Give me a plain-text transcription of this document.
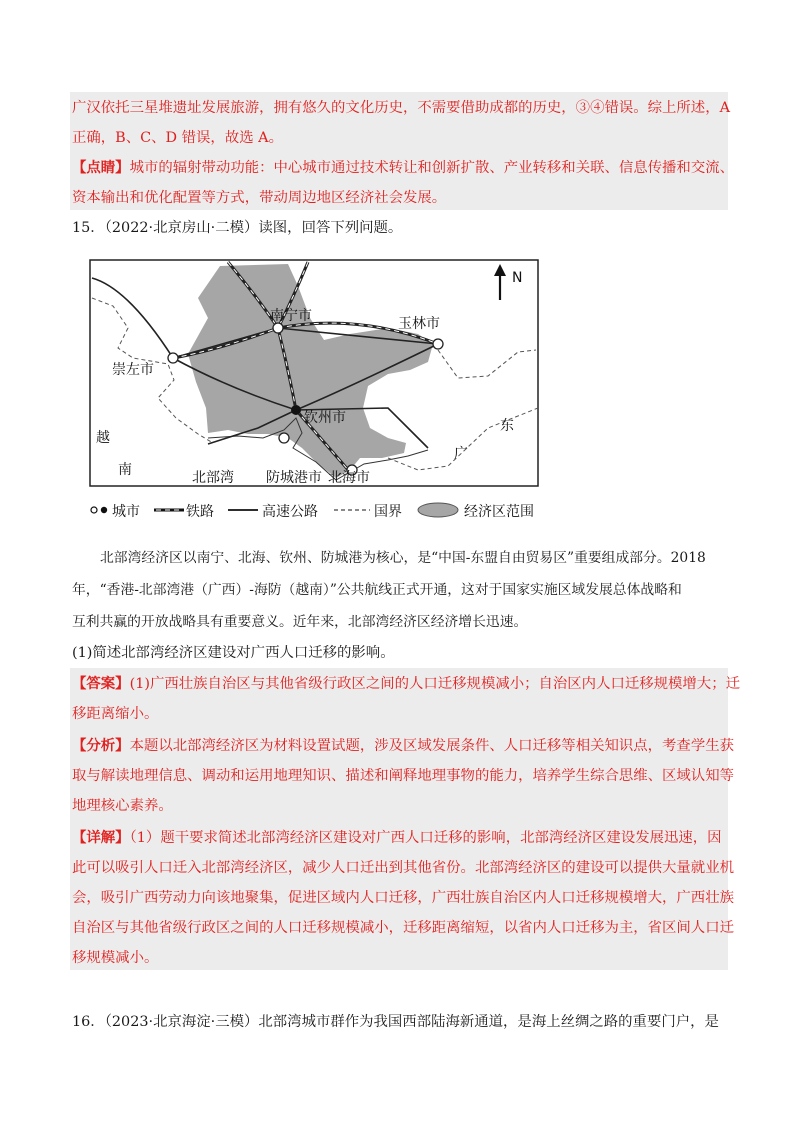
广汉依托三星堆遗址发展旅游，拥有悠久的文化历史，不需要借助成都的历史，③④错误。综上所述，A
正确，B、C、D 错误，故选 A。
【点睛】城市的辐射带动功能：中心城市通过技术转让和创新扩散、产业转移和关联、信息传播和交流、
资本输出和优化配置等方式，带动周边地区经济社会发展。
15．（2022·北京房山·二模）读图，回答下列问题。
南宁市	玉林市
崇左市
钦州市
防城港市 北海市
越
南
东
广
北部湾
N
城市	铁路	高速公路	国界	经济区范围
北部湾经济区以南宁、北海、钦州、防城港为核心，是“中国-东盟自由贸易区”重要组成部分。2018
年，“香港-北部湾港（广西）-海防（越南）”公共航线正式开通，这对于国家实施区域发展总体战略和
互利共赢的开放战略具有重要意义。近年来，北部湾经济区经济增长迅速。
(1)简述北部湾经济区建设对广西人口迁移的影响。
【答案】(1)广西壮族自治区与其他省级行政区之间的人口迁移规模减小；自治区内人口迁移规模增大；迁
移距离缩小。
【分析】本题以北部湾经济区为材料设置试题，涉及区域发展条件、人口迁移等相关知识点，考查学生获
取与解读地理信息、调动和运用地理知识、描述和阐释地理事物的能力，培养学生综合思维、区域认知等
地理核心素养。
【详解】（1）题干要求简述北部湾经济区建设对广西人口迁移的影响，北部湾经济区建设发展迅速，因
此可以吸引人口迁入北部湾经济区，减少人口迁出到其他省份。北部湾经济区的建设可以提供大量就业机
会，吸引广西劳动力向该地聚集，促进区域内人口迁移，广西壮族自治区内人口迁移规模增大，广西壮族
自治区与其他省级行政区之间的人口迁移规模减小，迁移距离缩短，以省内人口迁移为主，省区间人口迁
移规模减小。
16．（2023·北京海淀·三模）北部湾城市群作为我国西部陆海新通道，是海上丝绸之路的重要门户，是
